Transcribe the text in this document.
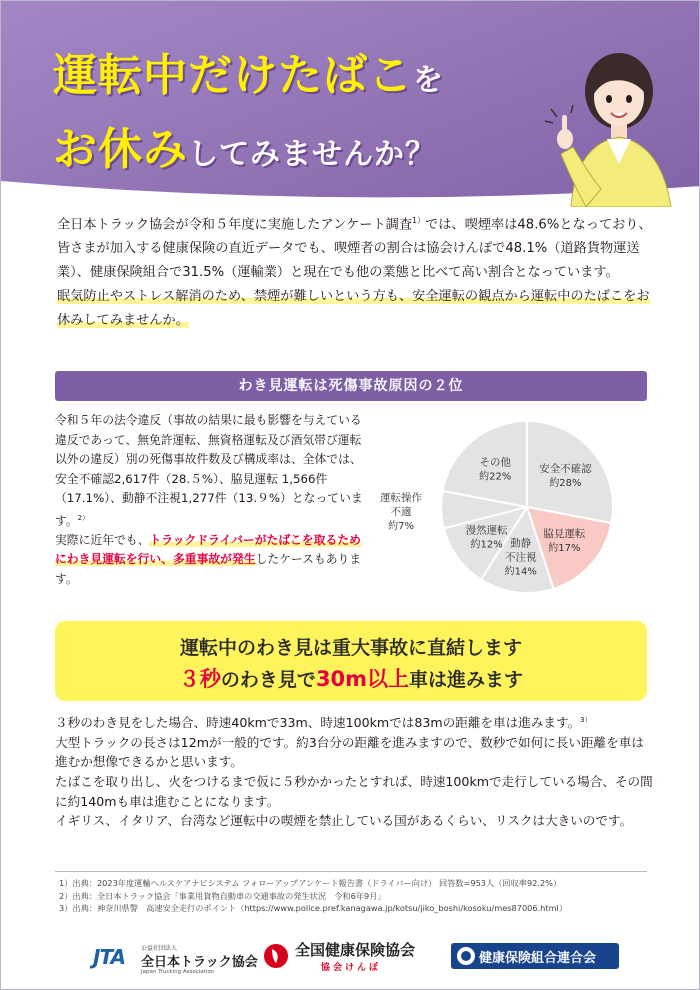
運転中だけたばこを
お休みしてみませんか？
全日本トラック協会が令和５年度に実施したアンケート調査$^{1)}$では、喫煙率は48.6%となっており、皆さまが加入する健康保険の直近データでも、喫煙者の割合は協会けんぽで48.1%（道路貨物運送業）、健康保険組合で31.5%（運輸業）と現在でも他の業態と比べて高い割合となっています。
眠気防止やストレス解消のため、禁煙が難しいという方も、安全運転の観点から運転中のたばこをお休みしてみませんか。
わき見運転は死傷事故原因の２位
令和５年の法令違反（事故の結果に最も影響を与えている違反であって、無免許運転、無資格運転及び酒気帯び運転以外の違反）別の死傷事故件数及び構成率は、全体では、安全不確認2,617件（28.５%）、脇見運転 1,566件（17.1%）、動静不注視1,277件（13.９%）となっています。$^{2)}$
実際に近年でも、トラックドライバーがたばこを取るためにわき見運転を行い、多重事故が発生したケースもあります。
安全不確認
約28%
脇見運転
約17%
動静
不注視
約14%
漫然運転
約12%
運転操作
不適
約7%
その他
約22%
運転中のわき見は重大事故に直結します
３秒のわき見で30m以上車は進みます
３秒のわき見をした場合、時速40kmで33m、時速100kmでは83mの距離を車は進みます。$^{3)}$
大型トラックの長さは12mが一般的です。約3台分の距離を進みますので、数秒で如何に長い距離を車は進むか想像できるかと思います。
たばこを取り出し、火をつけるまで仮に５秒かかったとすれば、時速100kmで走行している場合、その間に約140mも車は進むことになります。
イギリス、イタリア、台湾など運転中の喫煙を禁止している国があるくらい、リスクは大きいのです。
1）出典：2023年度運輸ヘルスケアナビシステム フォローアップアンケート報告書（ドライバー向け） 回答数=953人（回収率92.2%）
2）出典：全日本トラック協会「事業用貨物自動車の交通事故の発生状況　令和6年9月」
3）出典：神奈川県警　高速安全走行のポイント（https://www.police.pref.kanagawa.jp/kotsu/jiko_boshi/kosoku/mes87006.html）
JTA	公益社団法人
全日本トラック協会
Japan Trucking Association
全国健康保険協会
協会けんぽ
健康保険組合連合会
